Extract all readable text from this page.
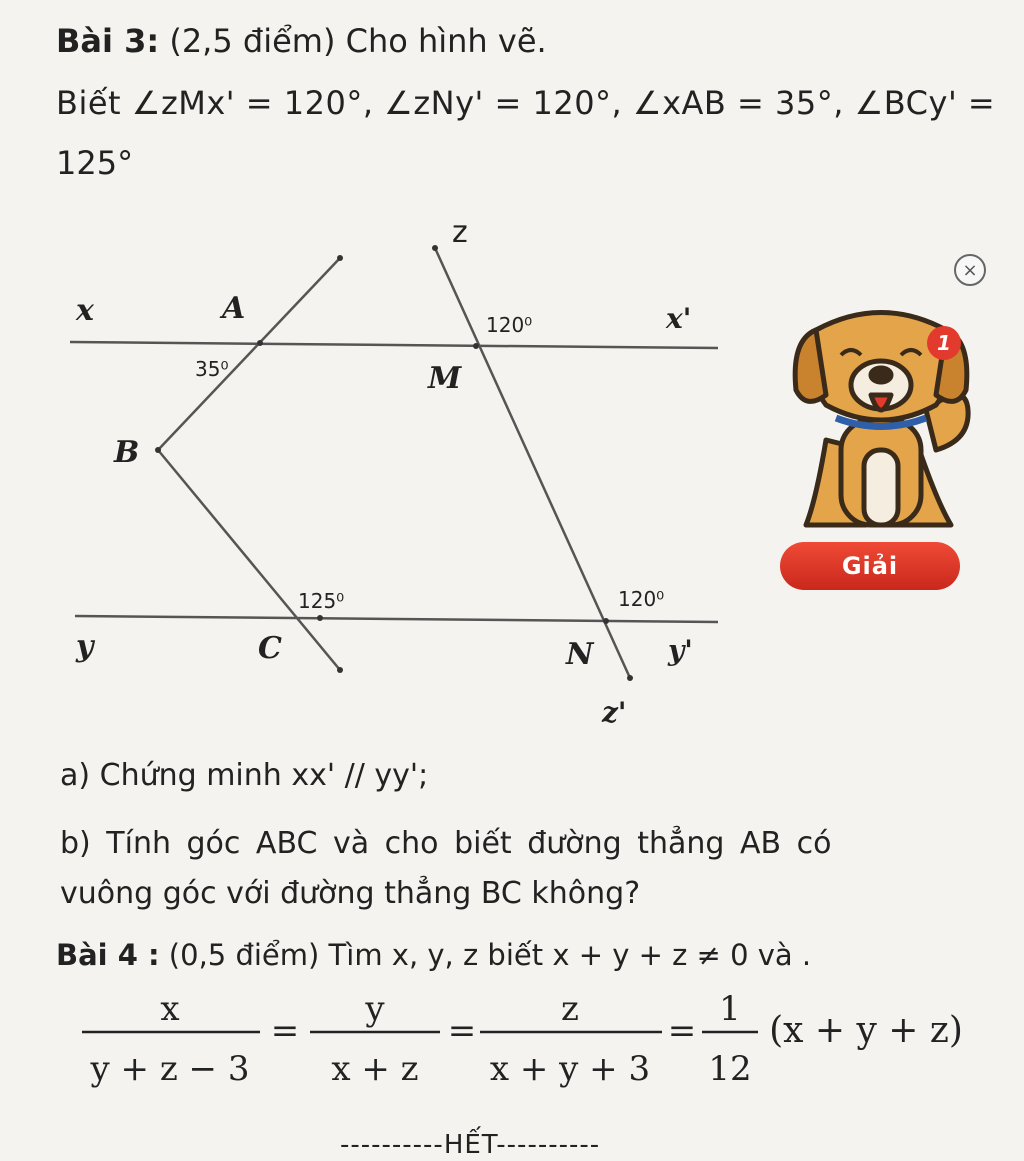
Bài 3: (2,5 điểm) Cho hình vẽ.
Biết ∠zMx' = 120°, ∠zNy' = 120°, ∠xAB = 35°, ∠BCy' =
125°
z
x	A
35⁰
120⁰	x'
M
B
125⁰	120⁰
y	C	N	y'
z'
×
1
Giải
a) Chứng minh xx' // yy';
b) Tính góc ABC và cho biết đường thẳng AB có
vuông góc với đường thẳng BC không?
Bài 4 : (0,5 điểm) Tìm x, y, z biết x + y + z ≠ 0 và .
x
y + z − 3
=
y
x + z
=
z
x + y + 3
=
1
12
(x + y + z)
----------HẾT----------
